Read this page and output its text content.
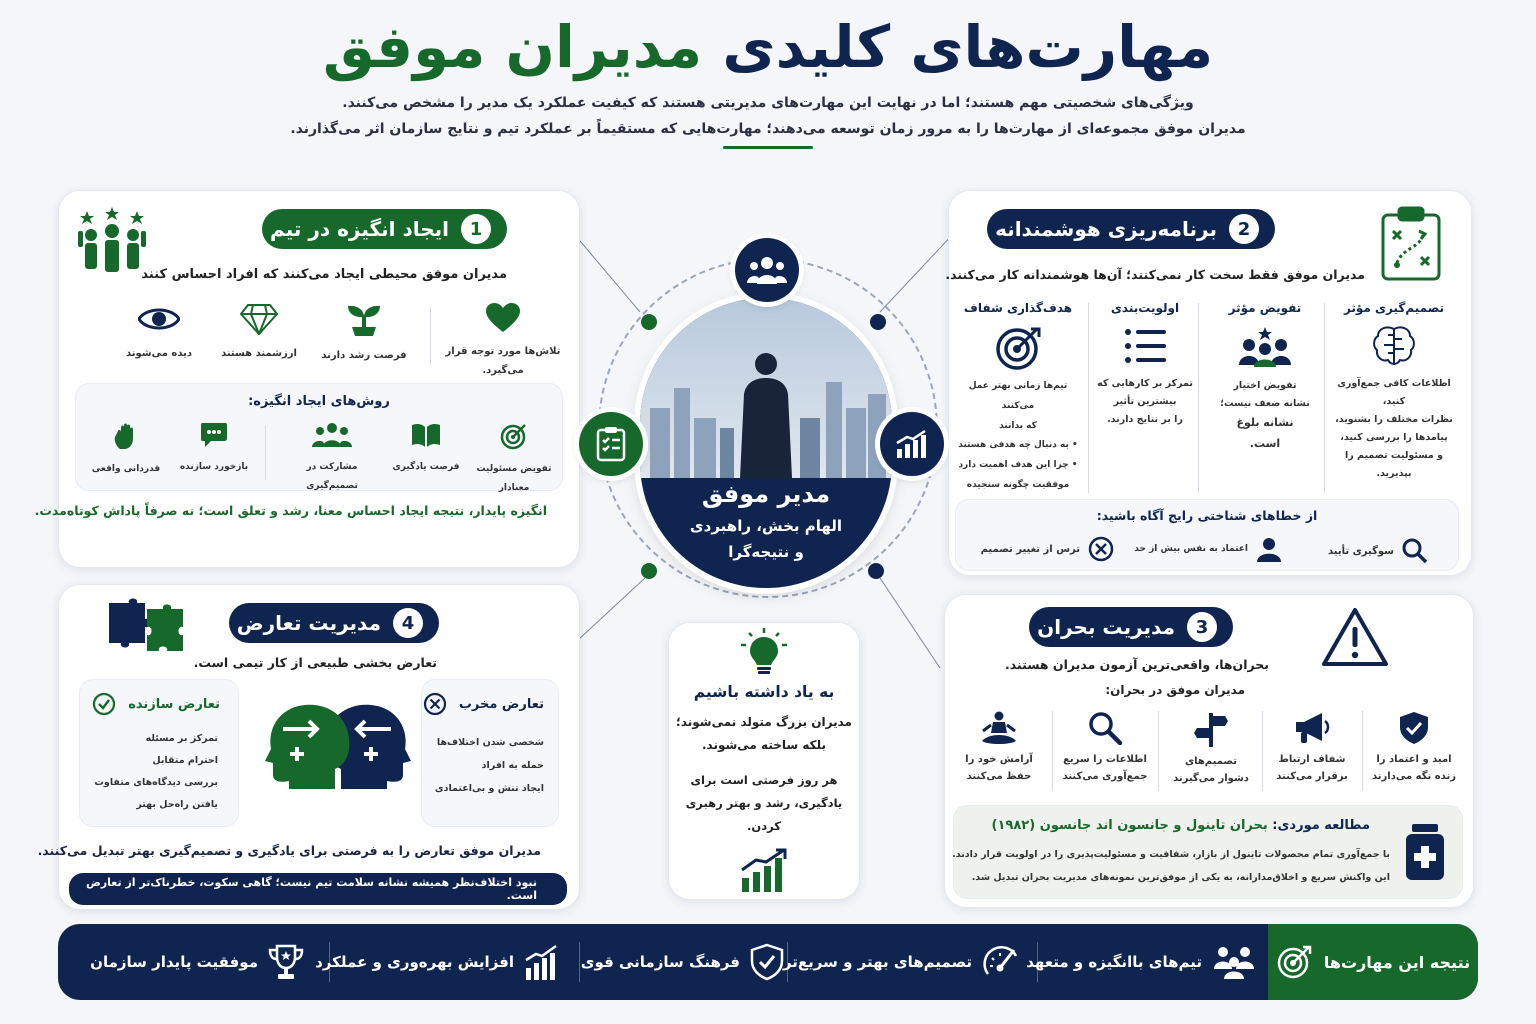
مهارت‌های کلیدی مدیران موفق
ویژگی‌های شخصیتی مهم هستند؛ اما در نهایت این مهارت‌های مدیریتی هستند که کیفیت عملکرد یک مدیر را مشخص می‌کنند.
مدیران موفق مجموعه‌ای از مهارت‌ها را به مرور زمان توسعه می‌دهند؛ مهارت‌هایی که مستقیماً بر عملکرد تیم و نتایج سازمان اثر می‌گذارند.
1
ایجاد انگیزه در تیم
مدیران موفق محیطی ایجاد می‌کنند که افراد احساس کنند
تلاش‌ها مورد توجه قرار می‌گیرد.
فرصت رشد دارند
ارزشمند هستند
دیده می‌شوند
روش‌های ایجاد انگیزه:
تفویض مسئولیت معنادار
فرصت یادگیری
مشارکت در تصمیم‌گیری
بازخورد سازنده
قدردانی واقعی
انگیزه پایدار، نتیجه ایجاد احساس معنا، رشد و تعلق است؛ نه صرفاً پاداش کوتاه‌مدت.
2
برنامه‌ریزی هوشمندانه
مدیران موفق فقط سخت کار نمی‌کنند؛ آن‌ها هوشمندانه کار می‌کنند.
تصمیم‌گیری مؤثر
اطلاعات کافی جمع‌آوری کنید،
نظرات مختلف را بشنوید،
پیامدها را بررسی کنید،
و مسئولیت تصمیم را بپذیرید.
تفویض مؤثر
تفویض اختیار
نشانه ضعف نیست؛
نشانه بلوغ
است.
اولویت‌بندی
تمرکز بر کارهایی که
بیشترین تأثیر
را بر نتایج دارند.
هدف‌گذاری شفاف
تیم‌ها زمانی بهتر عمل می‌کنند
که بدانند
• به دنبال چه هدفی هستند
• چرا این هدف اهمیت دارد
موفقیت چگونه سنجیده
از خطاهای شناختی رایج آگاه باشید:
سوگیری تأیید
اعتماد به نفس بیش از حد
ترس از تغییر تصمیم
مدیر موفق
الهام بخش، راهبردی
و نتیجه‌گرا
4
مدیریت تعارض
تعارض بخشی طبیعی از کار تیمی است.
تعارض مخرب
شخصی شدن اختلاف‌ها
حمله به افراد
ایجاد تنش و بی‌اعتمادی
تعارض سازنده
تمرکز بر مسئله
احترام متقابل
بررسی دیدگاه‌های متفاوت
یافتن راه‌حل بهتر
مدیران موفق تعارض را به فرصتی برای یادگیری و تصمیم‌گیری بهتر تبدیل می‌کنند.
نبود اختلاف‌نظر همیشه نشانه سلامت تیم نیست؛ گاهی سکوت، خطرناک‌تر از تعارض است.
به یاد داشته باشیم
مدیران بزرگ متولد نمی‌شوند؛
بلکه ساخته می‌شوند.
هر روز فرصتی است برای
یادگیری، رشد و بهتر رهبری کردن.
3
مدیریت بحران
بحران‌ها، واقعی‌ترین آزمون مدیران هستند.
مدیران موفق در بحران:
امید و اعتماد را
زنده نگه می‌دارند
شفاف ارتباط
برقرار می‌کنند
تصمیم‌های
دشوار می‌گیرند
اطلاعات را سریع
جمع‌آوری می‌کنند
آرامش خود را
حفظ می‌کنند
مطالعه موردی: بحران تاینول و جانسون اند جانسون (۱۹۸۲)
با جمع‌آوری تمام محصولات تاینول از بازار، شفافیت و مسئولیت‌پذیری را در اولویت قرار دادند.
این واکنش سریع و اخلاق‌مدارانه، به یکی از موفق‌ترین نمونه‌های مدیریت بحران تبدیل شد.
نتیجه این مهارت‌ها
تیم‌های باانگیزه و متعهد
تصمیم‌های بهتر و سریع‌تر
فرهنگ سازمانی قوی
افزایش بهره‌وری و عملکرد
موفقیت پایدار سازمان
